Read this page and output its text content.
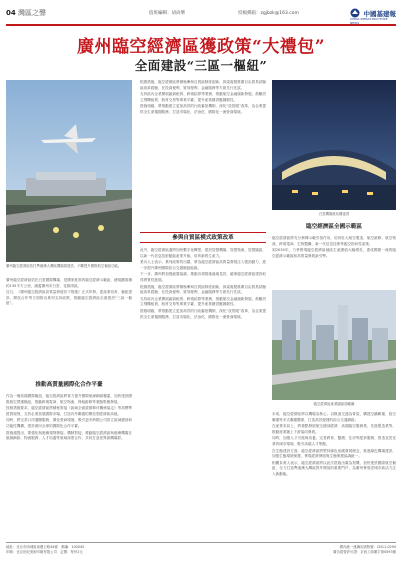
04 灣區之聲	值班編輯：胡尚樂	投稿郵箱：zgjbzk@163.com	中國基建報
CHINA INFRASTRUCTURE NEWS
廣州臨空經濟區獲政策“大禮包”
全面建設“三區一樞紐”
廣州臨空經濟區依托粵港澳大灣區機場群建設，不斷提升國際航空樞紐功能。

廣州臨空經濟區依托白雲國際機場，是國家批准的臨空經濟示範區，總規劃面積約135平方公里，涵蓋廣州市白雲、花都兩區。

近日，《廣州臨空經濟區高質量發展若干措施》正式印發，從產業培育、樞紐建設、開放合作等方面推出系列支持政策，推動臨空經濟區全面建設“三區一樞紐”。

推動高質量國際化合作平臺

作為一個高端國際樞紐，臨空經濟區將著力提升國際航線網絡覆蓋，加快建設國際航空貨運樞紐，推動跨境電商、航空物流、保稅維修等業態集聚發展。

按照措施要求，臨空經濟區將積極對接《區域全面經濟夥伴關係協定》等高標準經貿規則，支持企業拓展國際市場，打造內外聯通的開放型經濟新高地。

同時，將完善口岸通關服務，優化營商環境，吸引更多跨國公司設立區域總部和功能性機構，建設面向全球的國際化合作平臺。

措施還提出，要強化與港澳規則銜接、機制對接，推動臨空經濟區與港澳機場在航線網絡、物流服務、人才培養等領域深度合作，共同打造世界級機場群。

根據措施，臨空經濟區將積極參與自貿區制度創新，探索複製推廣自由貿易試驗區改革經驗，在投資便利、貿易便利、金融服務等方面先行先試。

支持區內企業開展融資租賃、跨境結算等業務，推動航空金融創新發展。鼓勵設立飛機租賃、航材交易等專業平臺，提升產業鏈供應鏈韌性。

措施明確，將推動建立更加高效的行政審批機制，深化“放管服”改革，為企業提供全生命週期服務，打造市場化、法治化、國際化一流營商環境。

參與自貿區模式政策改革

此外，臨空經濟區還將加快數字化轉型，建設智慧機場、智慧物流、智慧園區，以新一代信息技術賦能產業升級，培育新質生產力。

業內人士表示，系列政策的出臺，將為臨空經濟區高質量發展注入強勁動力，進一步提升廣州國際綜合交通樞紐能級。

下一步，廣州將加強統籌協調，推動各項措施落地見效，確保臨空經濟區建設取得實質性進展。

根據措施，臨空經濟區將積極參與自貿區制度創新，探索複製推廣自由貿易試驗區改革經驗，在投資便利、貿易便利、金融服務等方面先行先試。

支持區內企業開展融資租賃、跨境結算等業務，推動航空金融創新發展。鼓勵設立飛機租賃、航材交易等專業平臺，提升產業鏈供應鏈韌性。

措施明確，將推動建立更加高效的行政審批機制，深化“放管服”改革，為企業提供全生命週期服務，打造市場化、法治化、國際化一流營商環境。

白雲機場航站樓夜景
臨空經濟區全國示範區

臨空經濟區將充分發揮示範引領作用，培育壯大航空製造、航空維修、航空物流、跨境電商、生物醫藥、新一代信息技術等臨空指向性產業。

到2030年，力爭實現臨空經濟區地區生產總值大幅增長，建成國際一流的臨空經濟示範區和高質量發展新引擎。

臨空經濟區產業園區鳥瞰圖

未來，臨空經濟區將以機場為核心，以軌道交通為骨架，構建空鐵聯運、陸空聯運等多式聯運體系，打造高效便捷的綜合交通網絡。

在產業布局上，將重點發展航空總部經濟、高端臨空服務業、先進製造業等，推動產業鏈上下游協同發展。

同時，加強人才引進與培養，完善教育、醫療、住房等配套服務，營造宜居宜業的城市環境，吸引高端人才集聚。

在生態建設方面，臨空經濟區將堅持綠色低碳發展理念，推進綠色機場建設，加強生態環境保護，實現經濟發展與生態保護協調統一。

相關負責人表示，臨空經濟區將以此次措施出臺為契機，加快建設國際航空樞紐，全力打造粵港澳大灣區對外開放的重要門戶，為廣州實現老城市新活力注入新動能。

地址：北京市西城區南禮士路44號　郵編：100045
印刷：北京世紀美術印刷有限公司　定價：每份2元
國內統一連續出版物號：CN11-0290
廣告經營許可證：京西工商廣字第0093號
